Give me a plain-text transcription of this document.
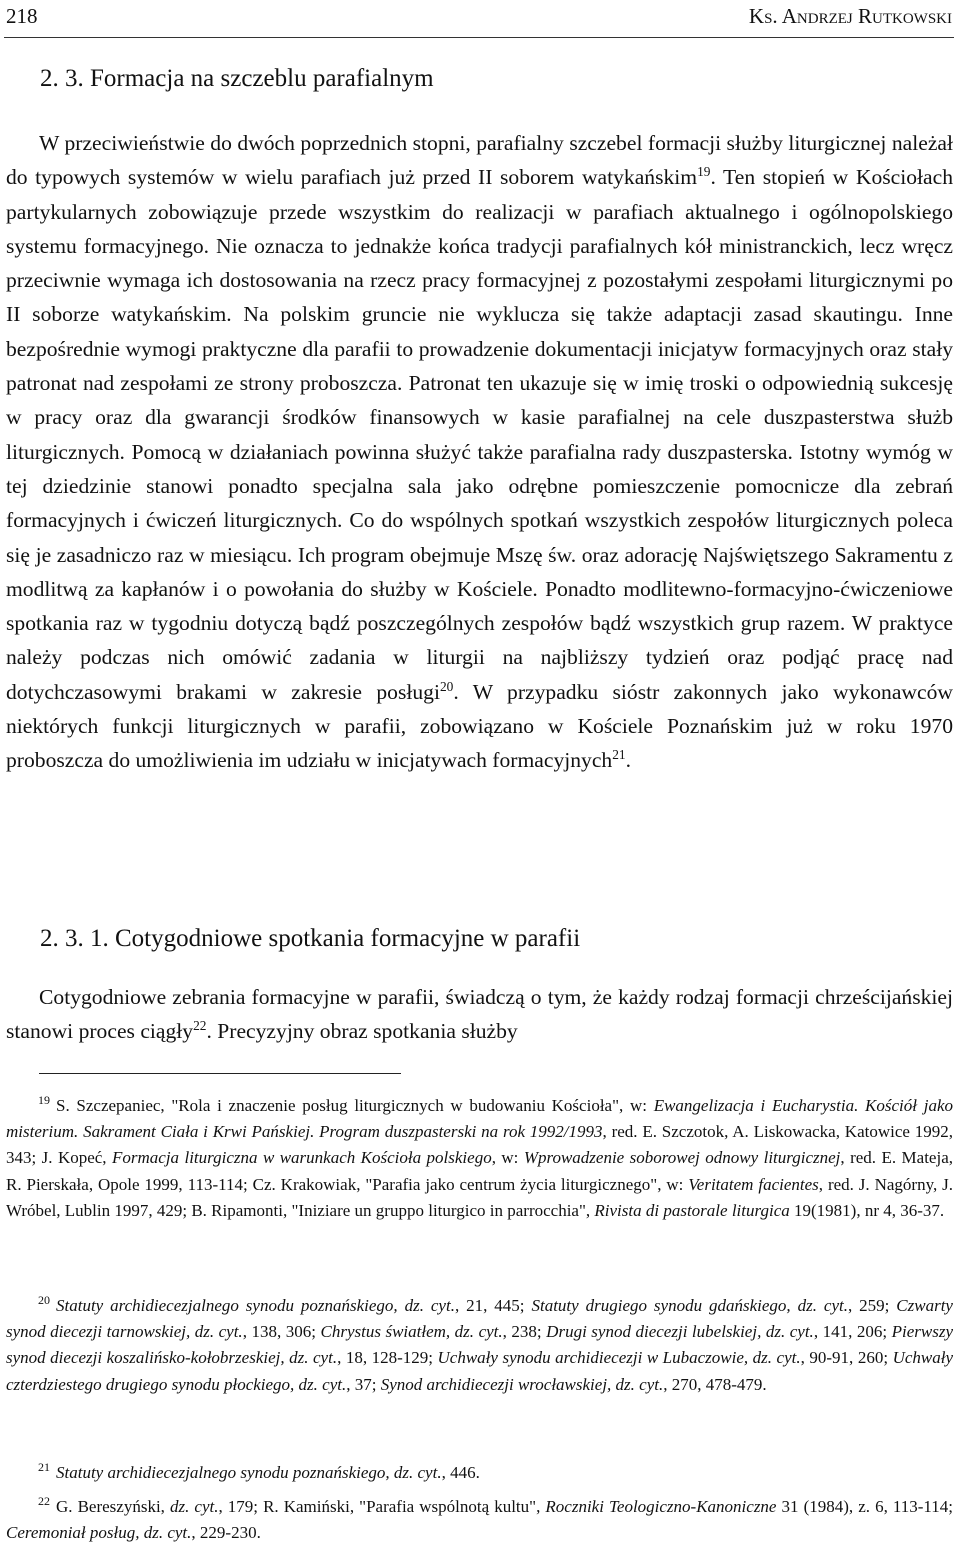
218	Ks. Andrzej Rutkowski
2. 3. Formacja na szczeblu parafialnym

W przeciwieństwie do dwóch poprzednich stopni, parafialny szczebel formacji służby liturgicznej należał do typowych systemów w wielu parafiach już przed II soborem watykańskim$^{19}$. Ten stopień w Kościołach partykularnych zobowiązuje przede wszystkim do realizacji w parafiach aktualnego i ogólnopolskiego systemu formacyjnego. Nie oznacza to jednakże końca tradycji parafialnych kół ministranckich, lecz wręcz przeciwnie wymaga ich dostosowania na rzecz pracy formacyjnej z pozostałymi zespołami liturgicznymi po II soborze watykańskim. Na polskim gruncie nie wyklucza się także adaptacji zasad skautingu. Inne bezpośrednie wymogi praktyczne dla parafii to prowadzenie dokumentacji inicjatyw formacyjnych oraz stały patronat nad zespołami ze strony proboszcza. Patronat ten ukazuje się w imię troski o odpowiednią sukcesję w pracy oraz dla gwarancji środków finansowych w kasie parafialnej na cele duszpasterstwa służb liturgicznych. Pomocą w działaniach powinna służyć także parafialna rady duszpasterska. Istotny wymóg w tej dziedzinie stanowi ponadto specjalna sala jako odrębne pomieszczenie pomocnicze dla zebrań formacyjnych i ćwiczeń liturgicznych. Co do wspólnych spotkań wszystkich zespołów liturgicznych poleca się je zasadniczo raz w miesiącu. Ich program obejmuje Mszę św. oraz adorację Najświętszego Sakramentu z modlitwą za kapłanów i o powołania do służby w Kościele. Ponadto modlitewno-formacyjno-ćwiczeniowe spotkania raz w tygodniu dotyczą bądź poszczególnych zespołów bądź wszystkich grup razem. W praktyce należy podczas nich omówić zadania w liturgii na najbliższy tydzień oraz podjąć pracę nad dotychczasowymi brakami w zakresie posługi$^{20}$. W przypadku sióstr zakonnych jako wykonawców niektórych funkcji liturgicznych w parafii, zobowiązano w Kościele Poznańskim już w roku 1970 proboszcza do umożliwienia im udziału w inicjatywach formacyjnych$^{21}$.

2. 3. 1. Cotygodniowe spotkania formacyjne w parafii

Cotygodniowe zebrania formacyjne w parafii, świadczą o tym, że każdy rodzaj formacji chrześcijańskiej stanowi proces ciągły$^{22}$. Precyzyjny obraz spotkania służby

$^{19}$ S. Szczepaniec, "Rola i znaczenie posług liturgicznych w budowaniu Kościoła", w: Ewangelizacja i Eucharystia. Kościół jako misterium. Sakrament Ciała i Krwi Pańskiej. Program duszpasterski na rok 1992/1993, red. E. Szczotok, A. Liskowacka, Katowice 1992, 343; J. Kopeć, Formacja liturgiczna w warunkach Kościoła polskiego, w: Wprowadzenie soborowej odnowy liturgicznej, red. E. Mateja, R. Pierskała, Opole 1999, 113-114; Cz. Krakowiak, "Parafia jako centrum życia liturgicznego", w: Veritatem facientes, red. J. Nagórny, J. Wróbel, Lublin 1997, 429; B. Ripamonti, "Iniziare un gruppo liturgico in parrocchia", Rivista di pastorale liturgica 19(1981), nr 4, 36-37.

$^{20}$ Statuty archidiecezjalnego synodu poznańskiego, dz. cyt., 21, 445; Statuty drugiego synodu gdańskiego, dz. cyt., 259; Czwarty synod diecezji tarnowskiej, dz. cyt., 138, 306; Chrystus światłem, dz. cyt., 238; Drugi synod diecezji lubelskiej, dz. cyt., 141, 206; Pierwszy synod diecezji koszalińsko-kołobrzeskiej, dz. cyt., 18, 128-129; Uchwały synodu archidiecezji w Lubaczowie, dz. cyt., 90-91, 260; Uchwały czterdziestego drugiego synodu płockiego, dz. cyt., 37; Synod archidiecezji wrocławskiej, dz. cyt., 270, 478-479.

$^{21}$ Statuty archidiecezjalnego synodu poznańskiego, dz. cyt., 446.

$^{22}$ G. Bereszyński, dz. cyt., 179; R. Kamiński, "Parafia wspólnotą kultu", Roczniki Teologiczno-Kanoniczne 31 (1984), z. 6, 113-114; Ceremoniał posług, dz. cyt., 229-230.
